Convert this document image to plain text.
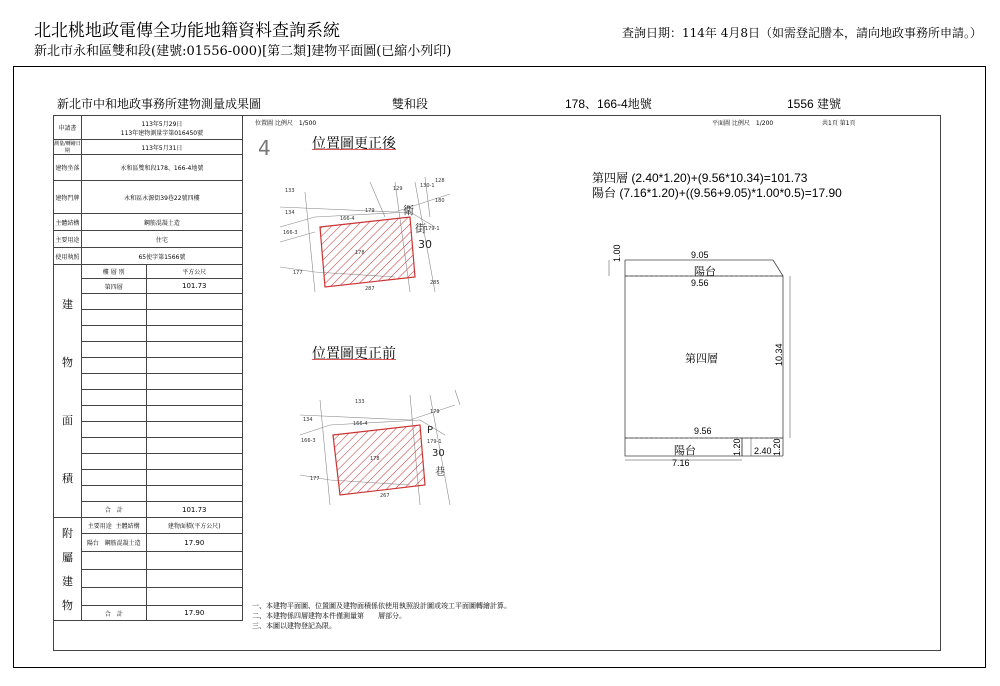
北北桃地政電傳全功能地籍資料查詢系統
新北市永和區雙和段(建號:01556-000)[第二類]建物平面圖(已縮小列印)
查詢日期：114年 4月8日（如需登記謄本，請向地政事務所申請。）
新北市中和地政事務所建物測量成果圖	雙和段	178、166-4地號	1556 建號
申請書	113年5月29日
113年建物測量字第016450號	

測量/轉繪日期	113年5月31日	
建物坐落	永和區雙和段178、166-4地號	
建物門牌	永和區永源街39巷22號四樓	
主體結構	鋼筋混凝土造	
主要用途	住宅	
使用執照	65使字第1566號	

建
物
面
積	樓 層 別	平方公尺
	第四層	101.73

	合　計	101.73

附
屬
建
物	主要用途 主體結構	建物面積(平方公尺)
	陽台 鋼筋混凝土造	17.90

	合　計	17.90
位置圖 比例尺　1/500	平面圖 比例尺　1/200	共1頁 第1頁
4	位置圖更正後
133	129	130-1
128
134
166-4
166-3
179
180
178
177
287
285
179-1
街
衛
30
位置圖更正前
133
134
166-4
166-3
179
178
177
267
179-1
P
30
巷
第四層 (2.40*1.20)+(9.56*10.34)=101.73
陽台 (7.16*1.20)+((9.56+9.05)*1.00*0.5)=17.90
9.05
陽台
9.56
1.00
第四層	10.34
9.56
陽台	1.20 2.40 1.20
7.16
一、本建物平面圖、位置圖及建物面積係依使用執照設計圖或竣工平面圖轉繪計算。
二、本建物係四層建物本件僅測量第　　層部分。
三、本圖以建物登記為限。
